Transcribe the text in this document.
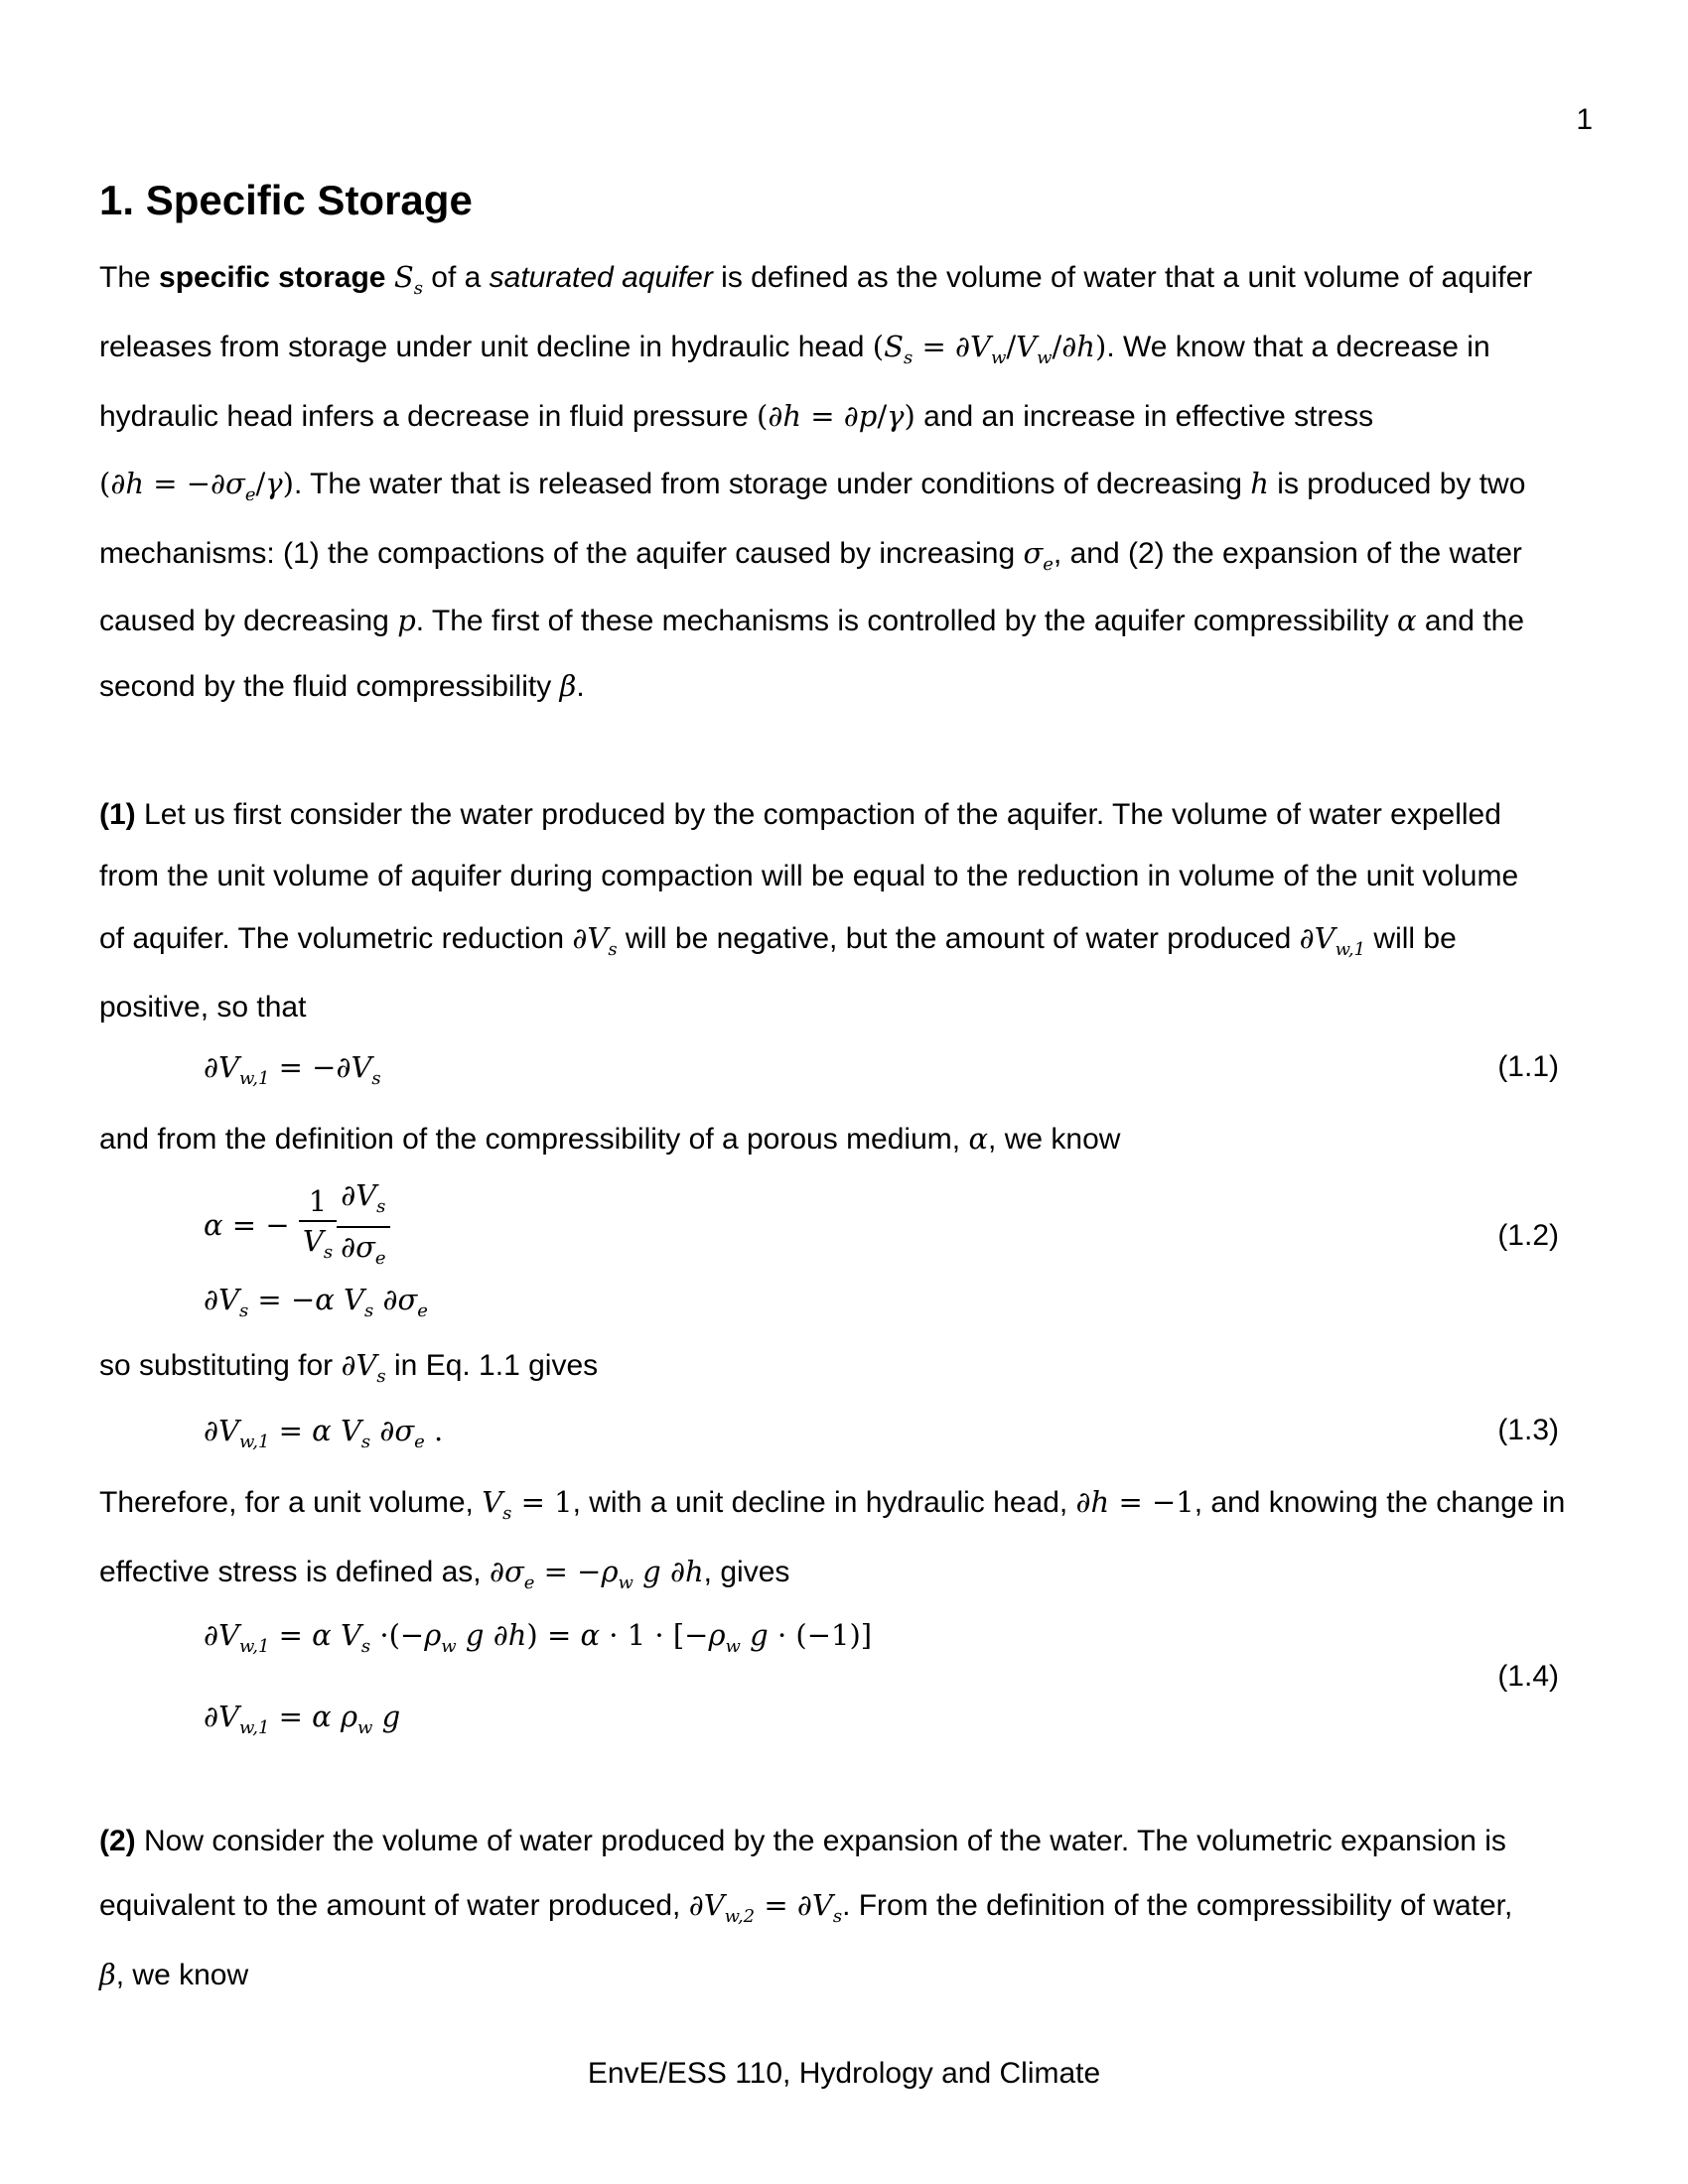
1
1. Specific Storage
The specific storage $S_s$ of a saturated aquifer is defined as the volume of water that a unit volume of aquifer
releases from storage under unit decline in hydraulic head $(S_s = \partial V_w/V_w/\partial h)$. We know that a decrease in
hydraulic head infers a decrease in fluid pressure (∂h = ∂p/γ) and an increase in effective stress
$(\partial h = -\partial\sigma_e/\gamma)$. The water that is released from storage under conditions of decreasing h is produced by two
mechanisms: (1) the compactions of the aquifer caused by increasing $\sigma_e$, and (2) the expansion of the water
caused by decreasing p. The first of these mechanisms is controlled by the aquifer compressibility α and the
second by the fluid compressibility β.
(1) Let us first consider the water produced by the compaction of the aquifer. The volume of water expelled
from the unit volume of aquifer during compaction will be equal to the reduction in volume of the unit volume
of aquifer. The volumetric reduction $\partial V_s$ will be negative, but the amount of water produced $\partial V_{w,1}$ will be
positive, so that
$\partial V_{w,1} = -\partial V_s$	(1.1)
and from the definition of the compressibility of a porous medium, α, we know
α = − $\frac{1}{V_s} \frac{\partial V_s}{\partial\sigma_e}$	(1.2)
$\partial V_s = -\alpha$ $V_s$ $\partial\sigma_e$
so substituting for $\partial V_s$ in Eq. 1.1 gives
$\partial V_{w,1} = \alpha$ $V_s$ $\partial\sigma_e$ .	(1.3)
Therefore, for a unit volume, $V_s = 1$, with a unit decline in hydraulic head, ∂h = −1, and knowing the change in
effective stress is defined as, $\partial\sigma_e = -\rho_w$ g ∂h, gives
$\partial V_{w,1} = \alpha$ $V_s \cdot(-\rho_w$ g $\partial h) = \alpha \cdot 1 \cdot [-\rho_w$ g · (−1)]
(1.4)
$\partial V_{w,1} = \alpha$ $\rho_w$ g
(2) Now consider the volume of water produced by the expansion of the water. The volumetric expansion is
equivalent to the amount of water produced, $\partial V_{w,2} = \partial V_s$. From the definition of the compressibility of water,
β, we know
EnvE/ESS 110, Hydrology and Climate
